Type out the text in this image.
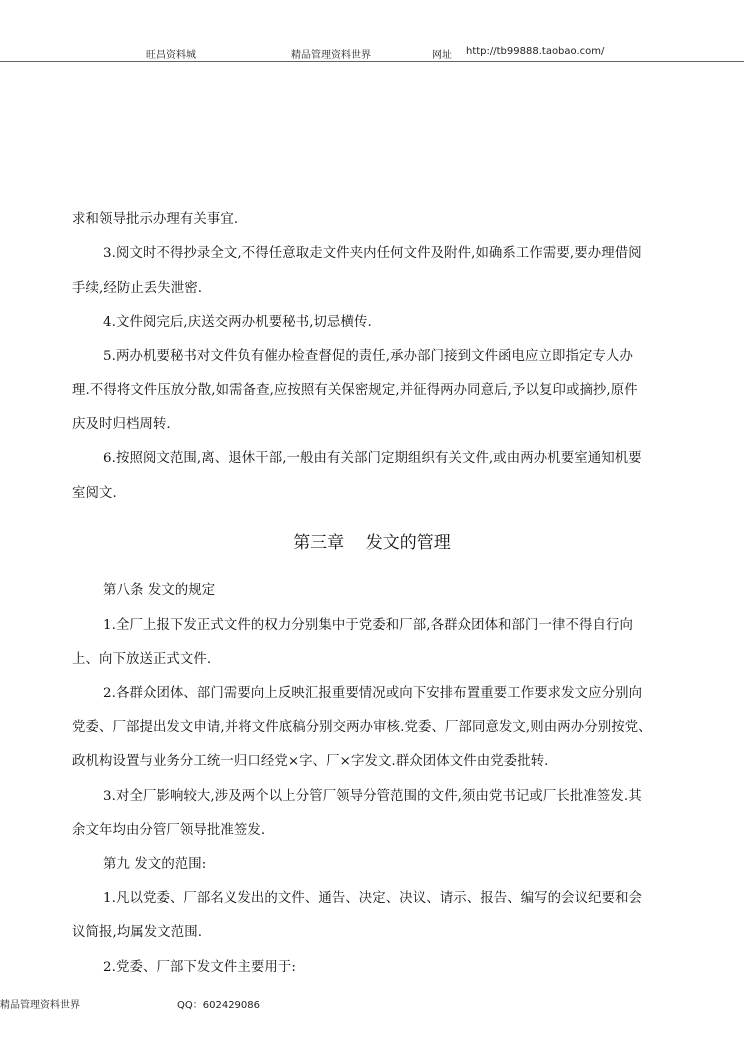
旺昌资料城	精品管理资料世界	网址 http://tb99888.taobao.com/
求和领导批示办理有关事宜.
3.阅文时不得抄录全文,不得任意取走文件夹内任何文件及附件,如确系工作需要,要办理借阅
手续,经防止丢失泄密.
4.文件阅完后,庆送交两办机要秘书,切忌横传.
5.两办机要秘书对文件负有催办检查督促的责任,承办部门接到文件函电应立即指定专人办
理.不得将文件压放分散,如需备查,应按照有关保密规定,并征得两办同意后,予以复印或摘抄,原件
庆及时归档周转.
6.按照阅文范围,离、退休干部,一般由有关部门定期组织有关文件,或由两办机要室通知机要
室阅文.
第三章    发文的管理
第八条 发文的规定
1.全厂上报下发正式文件的权力分别集中于党委和厂部,各群众团体和部门一律不得自行向
上、向下放送正式文件.
2.各群众团体、部门需要向上反映汇报重要情况或向下安排布置重要工作要求发文应分别向
党委、厂部提出发文申请,并将文件底稿分别交两办审核.党委、厂部同意发文,则由两办分别按党、
政机构设置与业务分工统一归口经党×字、厂×字发文.群众团体文件由党委批转.
3.对全厂影响较大,涉及两个以上分管厂领导分管范围的文件,须由党书记或厂长批准签发.其
余文年均由分管厂领导批准签发.
第九 发文的范围:
1.凡以党委、厂部名义发出的文件、通告、决定、决议、请示、报告、编写的会议纪要和会
议简报,均属发文范围.
2.党委、厂部下发文件主要用于:
精品管理资料世界	QQ：602429086
